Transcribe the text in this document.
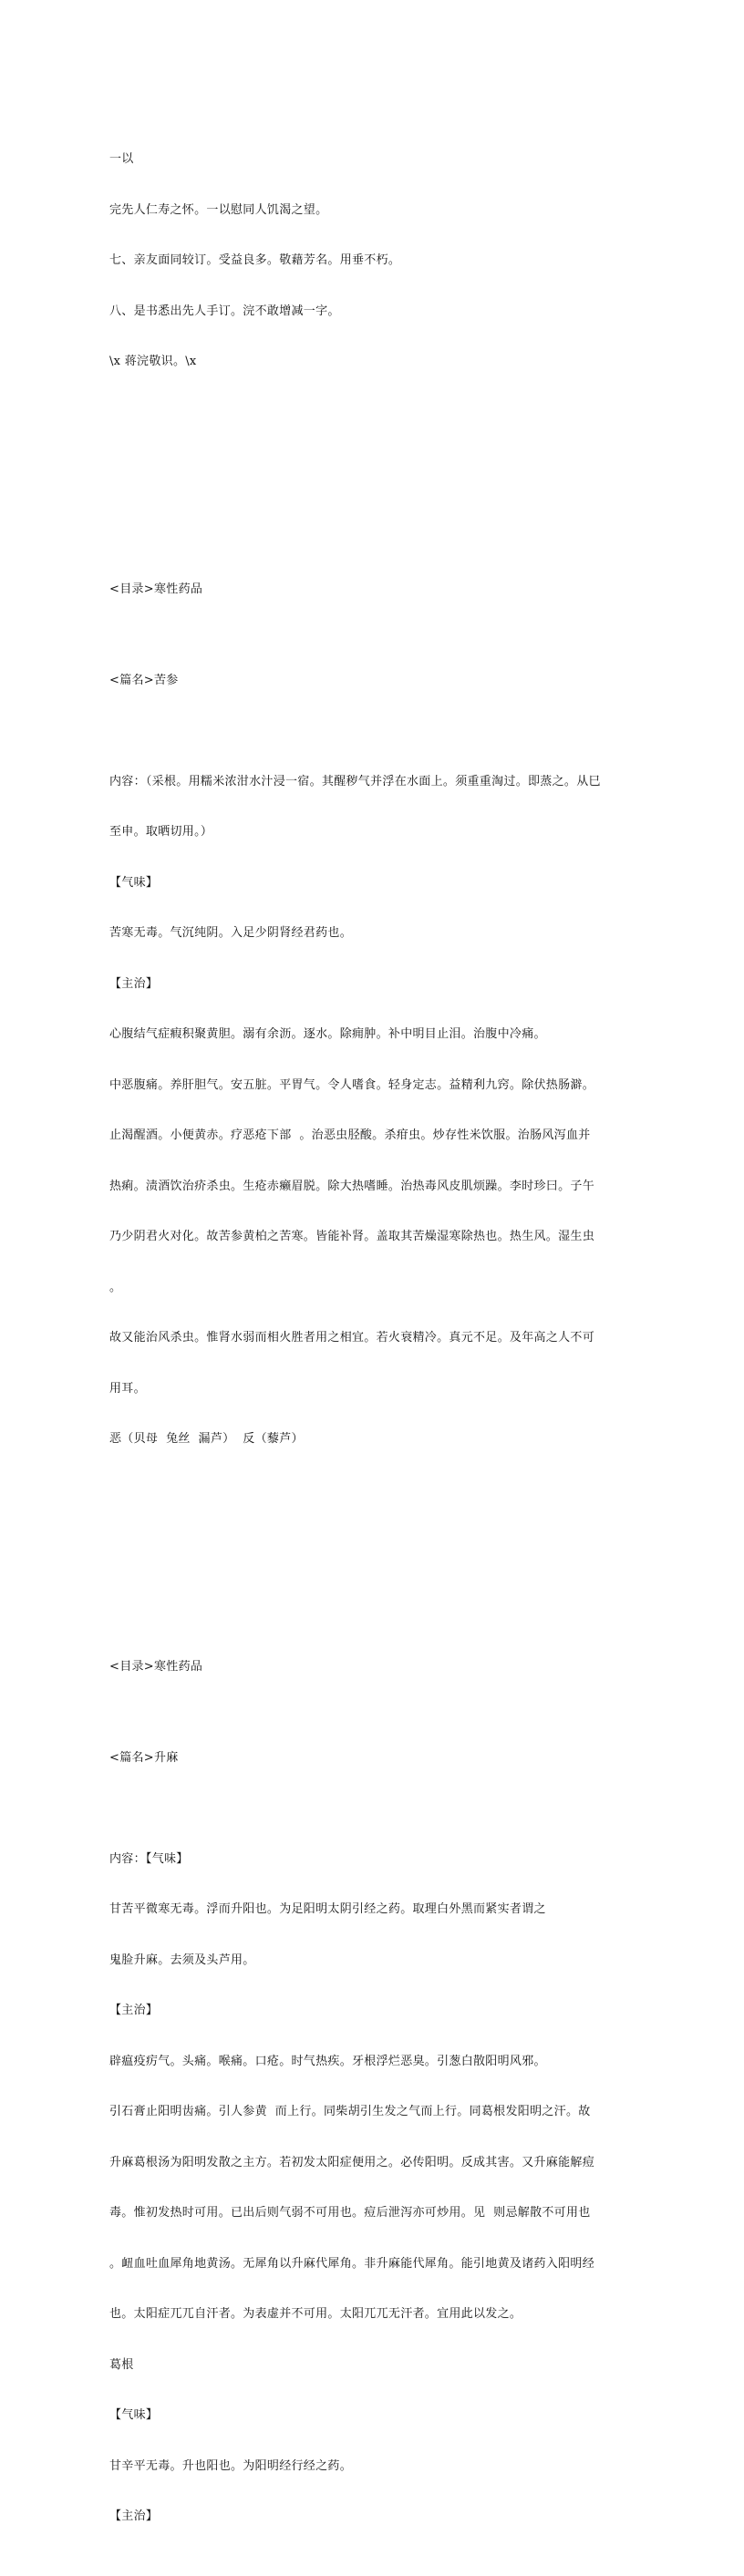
一以

完先人仁寿之怀。一以慰同人饥渴之望。

七、亲友面同较订。受益良多。敬藉芳名。用垂不朽。

八、是书悉出先人手订。浣不敢增减一字。

\x 蒋浣敬识。\x

<目录>寒性药品

<篇名>苦参

内容：（采根。用糯米浓泔水汁浸一宿。其醒秽气并浮在水面上。须重重淘过。即蒸之。从巳

至申。取晒切用。）

【气味】

苦寒无毒。气沉纯阴。入足少阴肾经君药也。

【主治】

心腹结气症瘕积聚黄胆。溺有余沥。逐水。除痈肿。补中明目止泪。治腹中冷痛。

中恶腹痛。养肝胆气。安五脏。平胃气。令人嗜食。轻身定志。益精利九窍。除伏热肠澼。

止渴醒酒。小便黄赤。疗恶疮下部  。治恶虫胫酸。杀疳虫。炒存性米饮服。治肠风泻血并

热痢。渍酒饮治疥杀虫。生疮赤癞眉脱。除大热嗜睡。治热毒风皮肌烦躁。李时珍曰。子午

乃少阴君火对化。故苦参黄柏之苦寒。皆能补肾。盖取其苦燥湿寒除热也。热生风。湿生虫

。

故又能治风杀虫。惟肾水弱而相火胜者用之相宜。若火衰精冷。真元不足。及年高之人不可

用耳。

恶（贝母  兔丝  漏芦）  反（藜芦）

<目录>寒性药品

<篇名>升麻

内容：【气味】

甘苦平微寒无毒。浮而升阳也。为足阳明太阴引经之药。取理白外黑而紧实者谓之

鬼脸升麻。去须及头芦用。

【主治】

辟瘟疫疠气。头痛。喉痛。口疮。时气热疾。牙根浮烂恶臭。引葱白散阳明风邪。

引石膏止阳明齿痛。引人参黄  而上行。同柴胡引生发之气而上行。同葛根发阳明之汗。故

升麻葛根汤为阳明发散之主方。若初发太阳症便用之。必传阳明。反成其害。又升麻能解痘

毒。惟初发热时可用。已出后则气弱不可用也。痘后泄泻亦可炒用。见  则忌解散不可用也

。衄血吐血犀角地黄汤。无犀角以升麻代犀角。非升麻能代犀角。能引地黄及诸药入阳明经

也。太阳症兀兀自汗者。为表虚并不可用。太阳兀兀无汗者。宜用此以发之。

葛根

【气味】

甘辛平无毒。升也阳也。为阳明经行经之药。

【主治】
